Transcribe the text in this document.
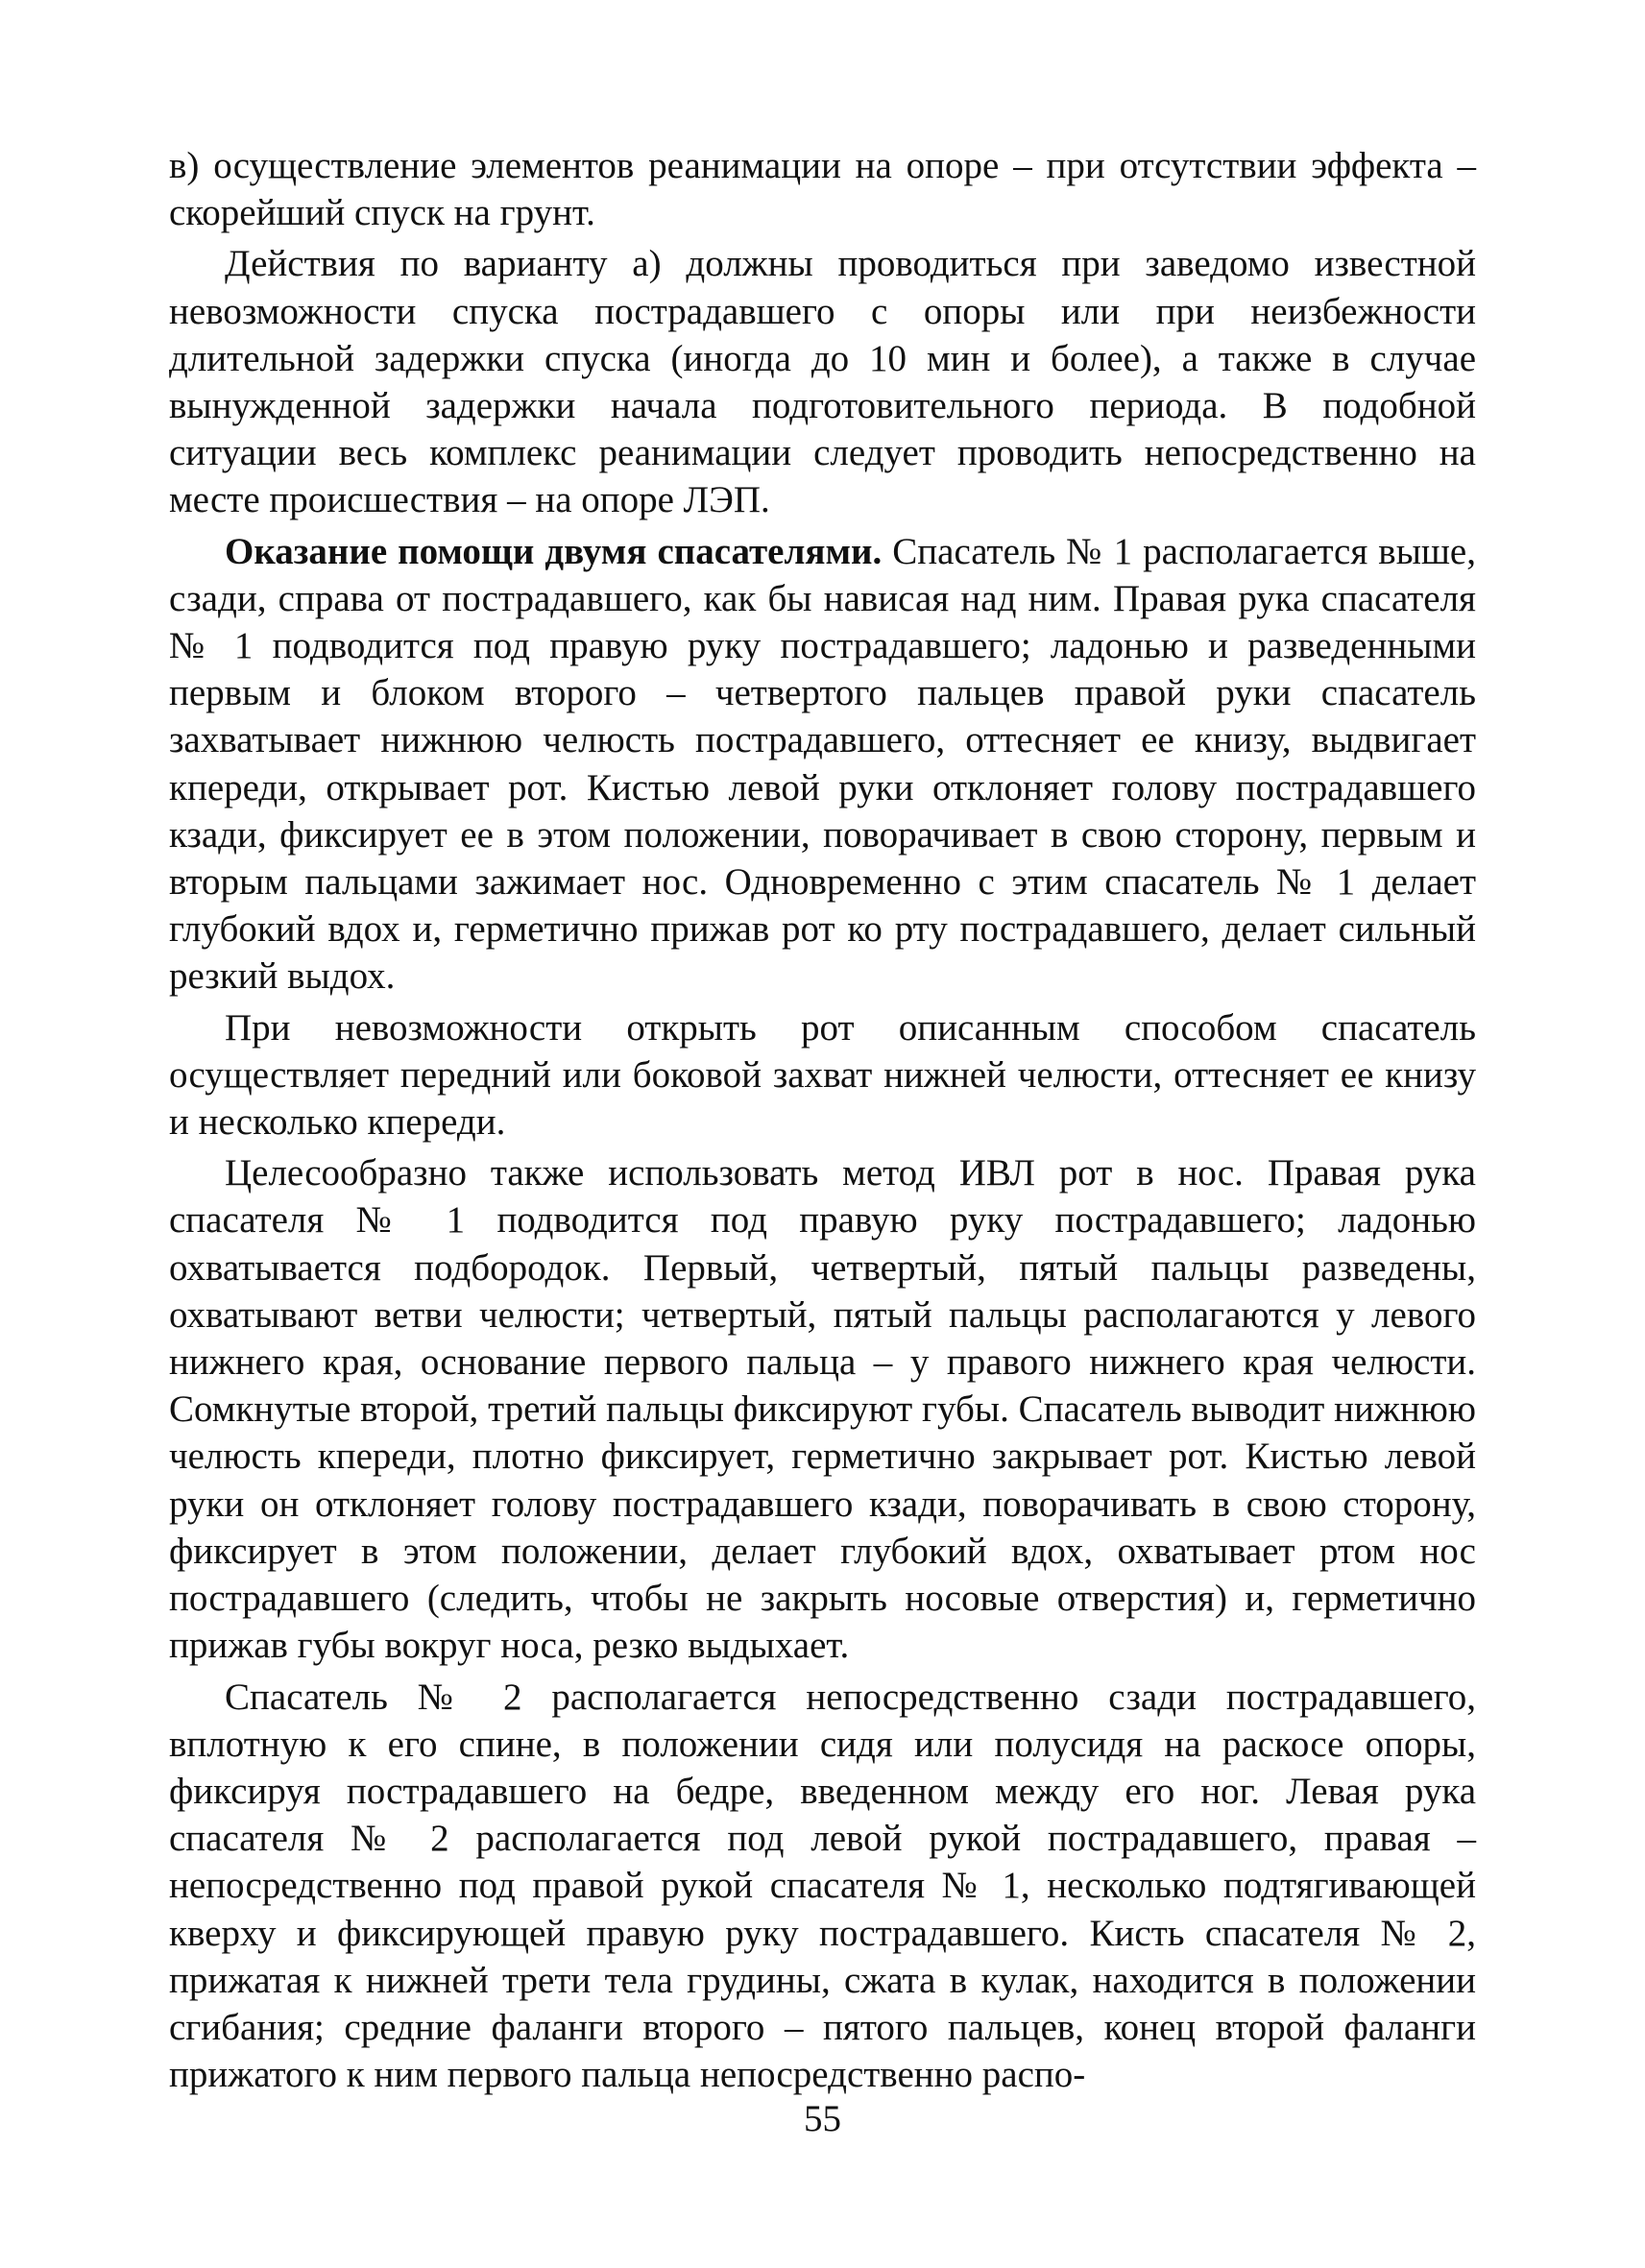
в) осуществление элементов реанимации на опоре – при отсутствии эффекта – скорейший спуск на грунт.

Действия по варианту а) должны проводиться при заведомо известной невозможности спуска пострадавшего с опоры или при неизбежности длительной задержки спуска (иногда до 10 мин и более), а также в случае вынужденной задержки начала подготовительного периода. В подобной ситуации весь комплекс реанимации следует проводить непосредственно на месте происшествия – на опоре ЛЭП.

Оказание помощи двумя спасателями. Спасатель № 1 располагается выше, сзади, справа от пострадавшего, как бы нависая над ним. Правая рука спасателя № 1 подводится под правую руку пострадавшего; ладонью и разведенными первым и блоком второго – четвертого пальцев правой руки спасатель захватывает нижнюю челюсть пострадавшего, оттесняет ее книзу, выдвигает кпереди, открывает рот. Кистью левой руки отклоняет голову пострадавшего кзади, фиксирует ее в этом положении, поворачивает в свою сторону, первым и вторым пальцами зажимает нос. Одновременно с этим спасатель № 1 делает глубокий вдох и, герметично прижав рот ко рту пострадавшего, делает сильный резкий выдох.

При невозможности открыть рот описанным способом спасатель осуществляет передний или боковой захват нижней челюсти, оттесняет ее книзу и несколько кпереди.

Целесообразно также использовать метод ИВЛ рот в нос. Правая рука спасателя № 1 подводится под правую руку пострадавшего; ладонью охватывается подбородок. Первый, четвертый, пятый пальцы разведены, охватывают ветви челюсти; четвертый, пятый пальцы располагаются у левого нижнего края, основание первого пальца – у правого нижнего края челюсти. Сомкнутые второй, третий пальцы фиксируют губы. Спасатель выводит нижнюю челюсть кпереди, плотно фиксирует, герметично закрывает рот. Кистью левой руки он отклоняет голову пострадавшего кзади, поворачивать в свою сторону, фиксирует в этом положении, делает глубокий вдох, охватывает ртом нос пострадавшего (следить, чтобы не закрыть носовые отверстия) и, герметично прижав губы вокруг носа, резко выдыхает.

Спасатель № 2 располагается непосредственно сзади пострадавшего, вплотную к его спине, в положении сидя или полусидя на раскосе опоры, фиксируя пострадавшего на бедре, введенном между его ног. Левая рука спасателя № 2 располагается под левой рукой пострадавшего, правая – непосредственно под правой рукой спасателя № 1, несколько подтягивающей кверху и фиксирующей правую руку пострадавшего. Кисть спасателя № 2, прижатая к нижней трети тела грудины, сжата в кулак, находится в положении сгибания; средние фаланги второго – пятого пальцев, конец второй фаланги прижатого к ним первого пальца непосредственно распо-

55
